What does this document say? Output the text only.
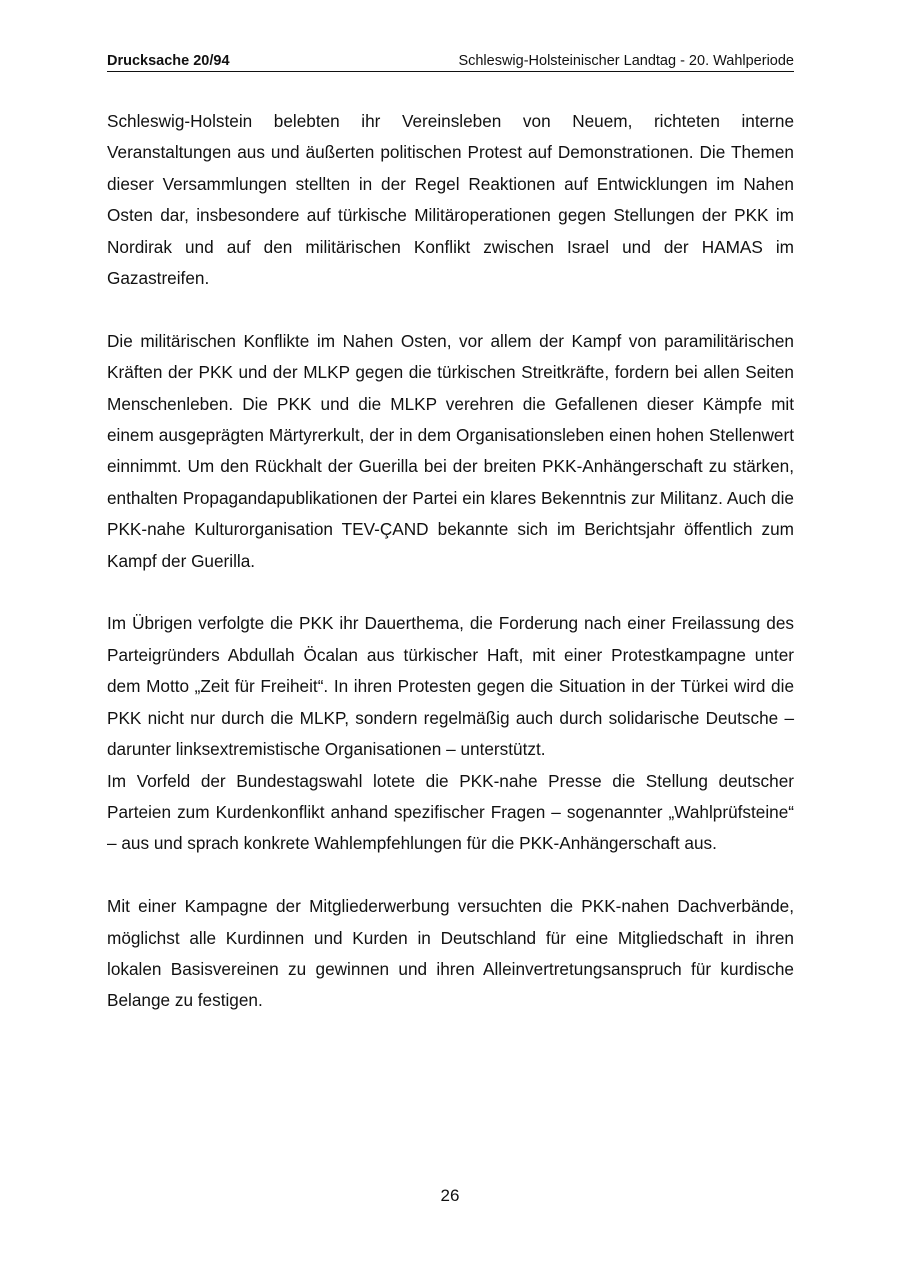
Drucksache 20/94	Schleswig-Holsteinischer Landtag - 20. Wahlperiode

Schleswig-Holstein belebten ihr Vereinsleben von Neuem, richteten interne Veranstaltungen aus und äußerten politischen Protest auf Demonstrationen. Die Themen dieser Versammlungen stellten in der Regel Reaktionen auf Entwicklungen im Nahen Osten dar, insbesondere auf türkische Militäroperationen gegen Stellungen der PKK im Nordirak und auf den militärischen Konflikt zwischen Israel und der HAMAS im Gazastreifen.

Die militärischen Konflikte im Nahen Osten, vor allem der Kampf von paramilitärischen Kräften der PKK und der MLKP gegen die türkischen Streitkräfte, fordern bei allen Seiten Menschenleben. Die PKK und die MLKP verehren die Gefallenen dieser Kämpfe mit einem ausgeprägten Märtyrerkult, der in dem Organisationsleben einen hohen Stellenwert einnimmt. Um den Rückhalt der Guerilla bei der breiten PKK-Anhängerschaft zu stärken, enthalten Propagandapublikationen der Partei ein klares Bekenntnis zur Militanz. Auch die PKK-nahe Kulturorganisation TEV-ÇAND bekannte sich im Berichtsjahr öffentlich zum Kampf der Guerilla.

Im Übrigen verfolgte die PKK ihr Dauerthema, die Forderung nach einer Freilassung des Parteigründers Abdullah Öcalan aus türkischer Haft, mit einer Protestkampagne unter dem Motto „Zeit für Freiheit“. In ihren Protesten gegen die Situation in der Türkei wird die PKK nicht nur durch die MLKP, sondern regelmäßig auch durch solidarische Deutsche – darunter linksextremistische Organisationen – unterstützt.

Im Vorfeld der Bundestagswahl lotete die PKK-nahe Presse die Stellung deutscher Parteien zum Kurdenkonflikt anhand spezifischer Fragen – sogenannter „Wahlprüfsteine“ – aus und sprach konkrete Wahlempfehlungen für die PKK-Anhängerschaft aus.

Mit einer Kampagne der Mitgliederwerbung versuchten die PKK-nahen Dachverbände, möglichst alle Kurdinnen und Kurden in Deutschland für eine Mitgliedschaft in ihren lokalen Basisvereinen zu gewinnen und ihren Alleinvertretungsanspruch für kurdische Belange zu festigen.

26
